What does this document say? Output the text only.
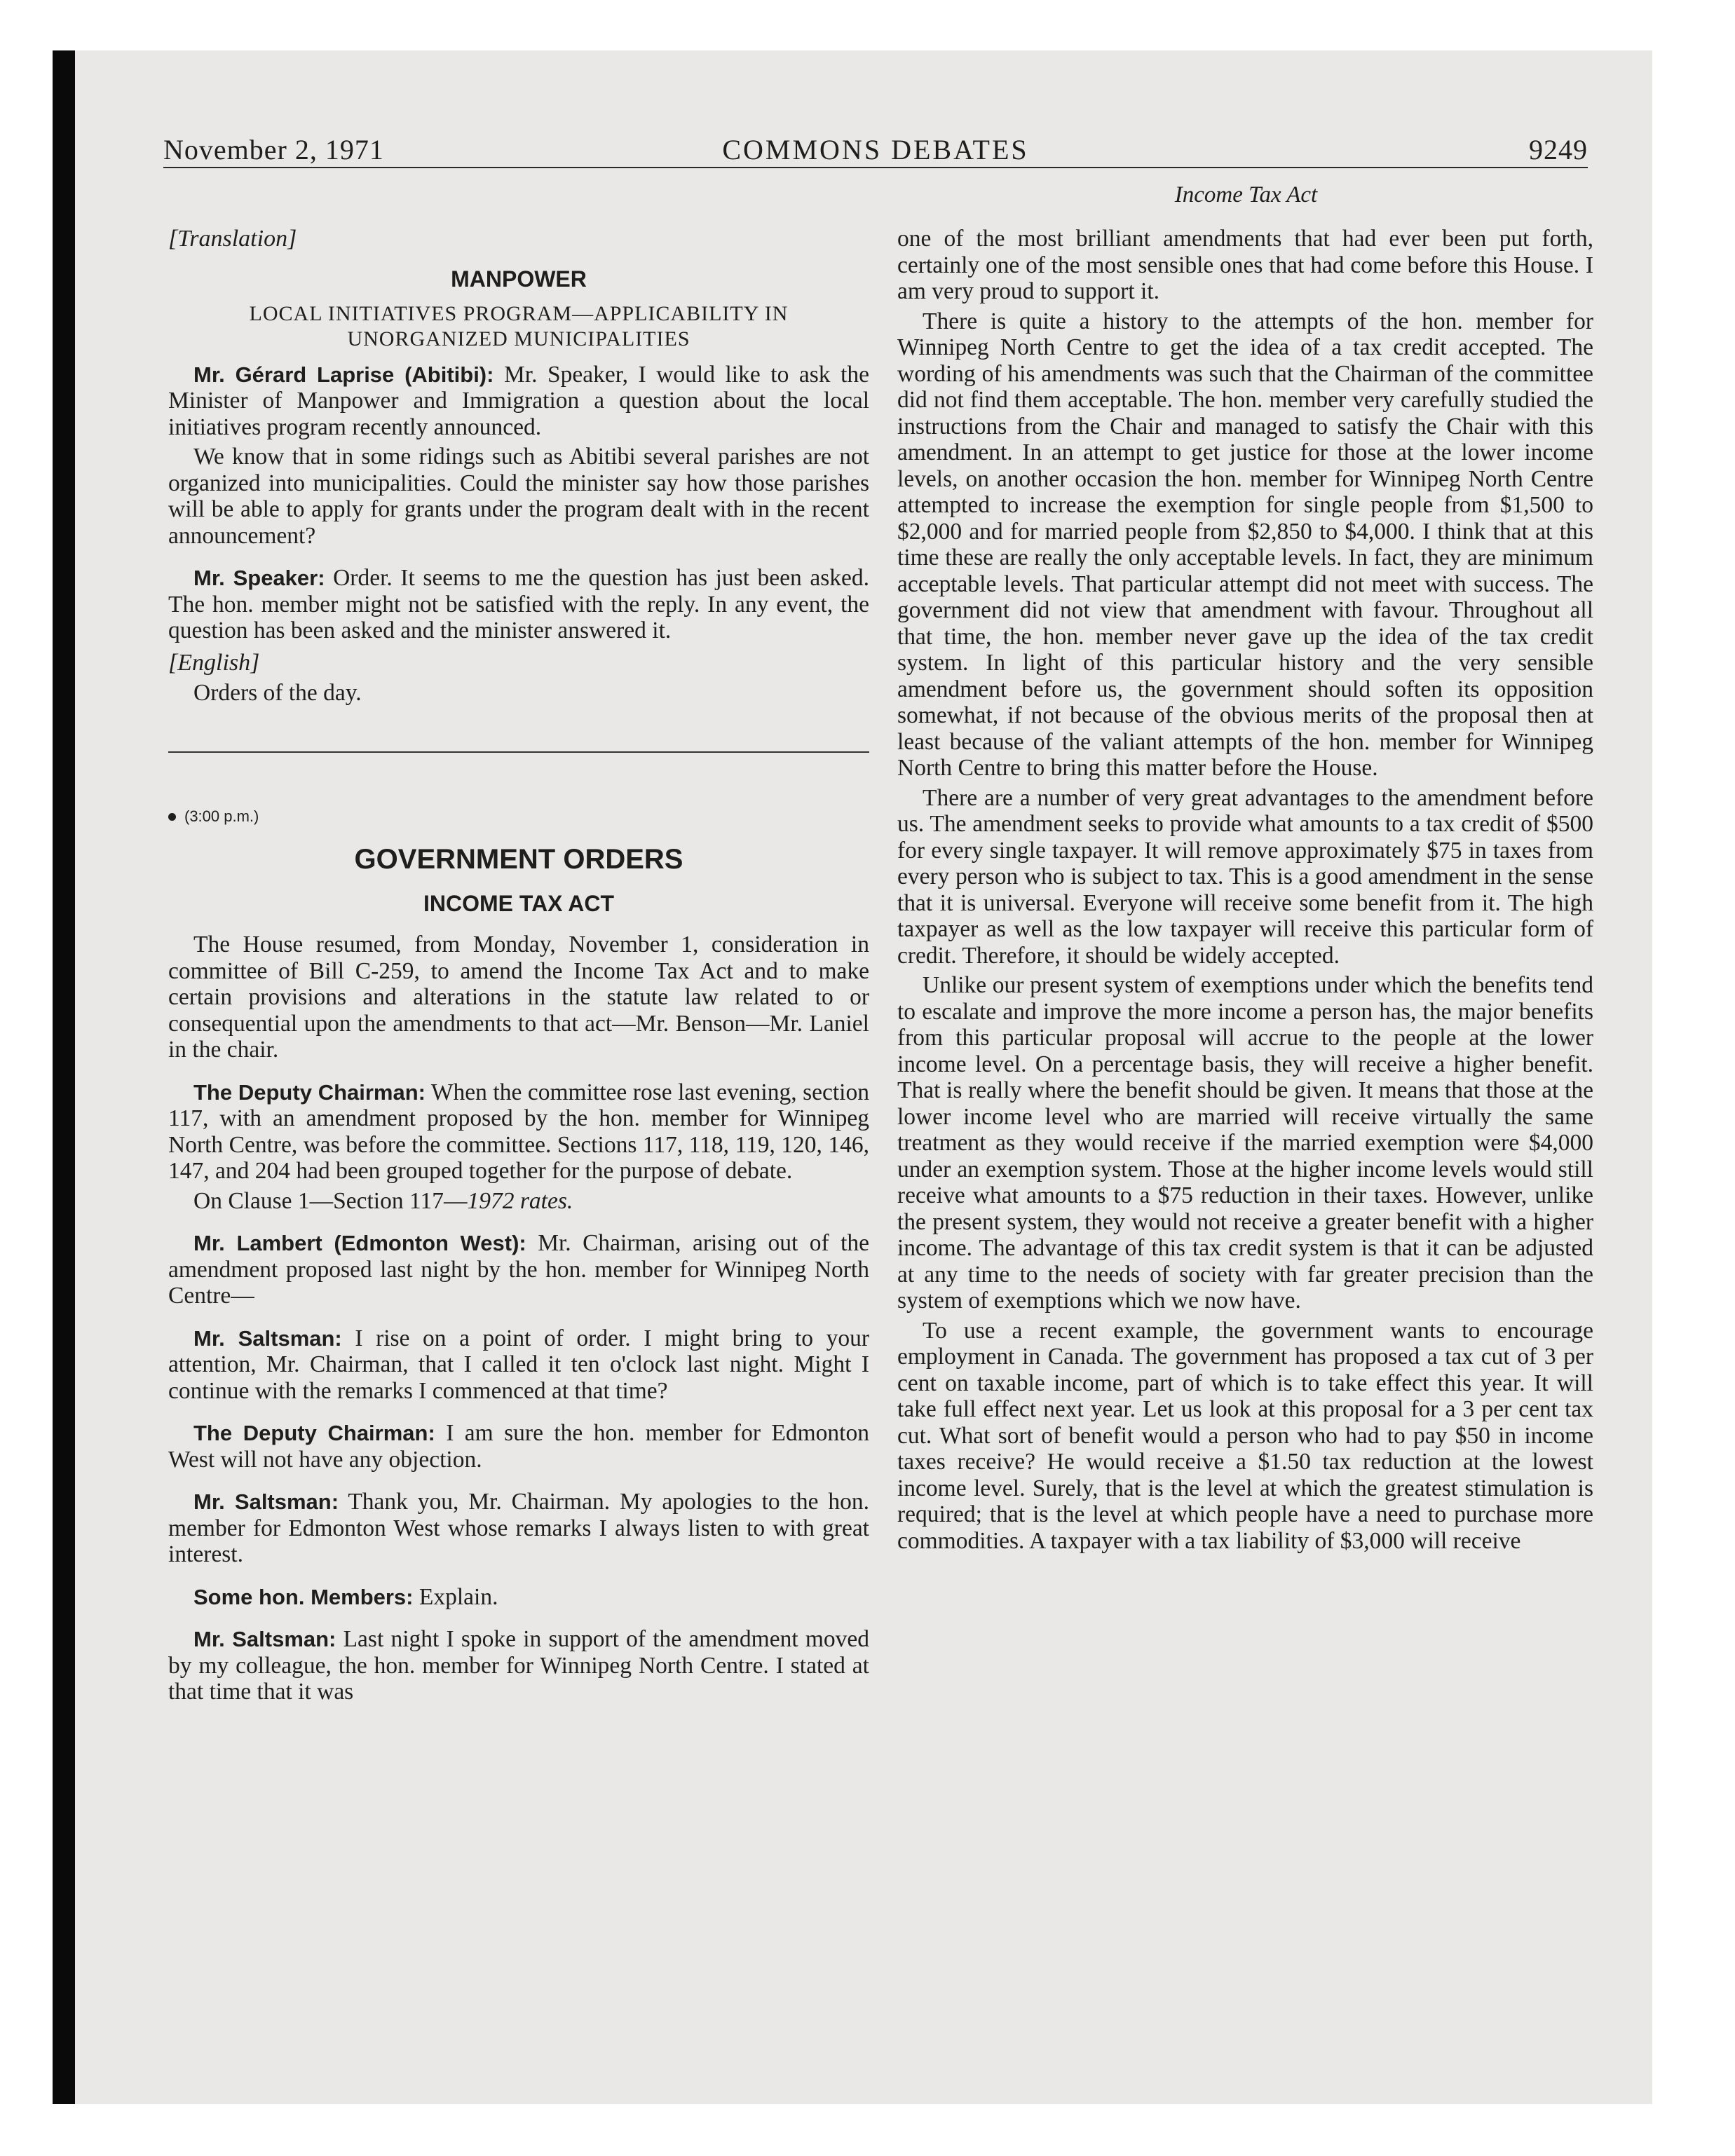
November 2, 1971	COMMONS DEBATES	9249
Income Tax Act
[Translation]
MANPOWER
LOCAL INITIATIVES PROGRAM—APPLICABILITY IN
UNORGANIZED MUNICIPALITIES

Mr. Gérard Laprise (Abitibi): Mr. Speaker, I would like to ask the Minister of Manpower and Immigration a question about the local initiatives program recently announced.

We know that in some ridings such as Abitibi several parishes are not organized into municipalities. Could the minister say how those parishes will be able to apply for grants under the program dealt with in the recent announcement?

Mr. Speaker: Order. It seems to me the question has just been asked. The hon. member might not be satisfied with the reply. In any event, the question has been asked and the minister answered it.

[English]

Orders of the day.

(3:00 p.m.)
GOVERNMENT ORDERS
INCOME TAX ACT

The House resumed, from Monday, November 1, consideration in committee of Bill C-259, to amend the Income Tax Act and to make certain provisions and alterations in the statute law related to or consequential upon the amendments to that act—Mr. Benson—Mr. Laniel in the chair.

The Deputy Chairman: When the committee rose last evening, section 117, with an amendment proposed by the hon. member for Winnipeg North Centre, was before the committee. Sections 117, 118, 119, 120, 146, 147, and 204 had been grouped together for the purpose of debate.

On Clause 1—Section 117—1972 rates.

Mr. Lambert (Edmonton West): Mr. Chairman, arising out of the amendment proposed last night by the hon. member for Winnipeg North Centre—

Mr. Saltsman: I rise on a point of order. I might bring to your attention, Mr. Chairman, that I called it ten o'clock last night. Might I continue with the remarks I commenced at that time?

The Deputy Chairman: I am sure the hon. member for Edmonton West will not have any objection.

Mr. Saltsman: Thank you, Mr. Chairman. My apologies to the hon. member for Edmonton West whose remarks I always listen to with great interest.

Some hon. Members: Explain.

Mr. Saltsman: Last night I spoke in support of the amendment moved by my colleague, the hon. member for Winnipeg North Centre. I stated at that time that it was

one of the most brilliant amendments that had ever been put forth, certainly one of the most sensible ones that had come before this House. I am very proud to support it.

There is quite a history to the attempts of the hon. member for Winnipeg North Centre to get the idea of a tax credit accepted. The wording of his amendments was such that the Chairman of the committee did not find them acceptable. The hon. member very carefully studied the instructions from the Chair and managed to satisfy the Chair with this amendment. In an attempt to get justice for those at the lower income levels, on another occasion the hon. member for Winnipeg North Centre attempted to increase the exemption for single people from $1,500 to $2,000 and for married people from $2,850 to $4,000. I think that at this time these are really the only acceptable levels. In fact, they are minimum acceptable levels. That particular attempt did not meet with success. The government did not view that amendment with favour. Throughout all that time, the hon. member never gave up the idea of the tax credit system. In light of this particular history and the very sensible amendment before us, the government should soften its opposition somewhat, if not because of the obvious merits of the proposal then at least because of the valiant attempts of the hon. member for Winnipeg North Centre to bring this matter before the House.

There are a number of very great advantages to the amendment before us. The amendment seeks to provide what amounts to a tax credit of $500 for every single taxpayer. It will remove approximately $75 in taxes from every person who is subject to tax. This is a good amendment in the sense that it is universal. Everyone will receive some benefit from it. The high taxpayer as well as the low taxpayer will receive this particular form of credit. Therefore, it should be widely accepted.

Unlike our present system of exemptions under which the benefits tend to escalate and improve the more income a person has, the major benefits from this particular proposal will accrue to the people at the lower income level. On a percentage basis, they will receive a higher benefit. That is really where the benefit should be given. It means that those at the lower income level who are married will receive virtually the same treatment as they would receive if the married exemption were $4,000 under an exemption system. Those at the higher income levels would still receive what amounts to a $75 reduction in their taxes. However, unlike the present system, they would not receive a greater benefit with a higher income. The advantage of this tax credit system is that it can be adjusted at any time to the needs of society with far greater precision than the system of exemptions which we now have.

To use a recent example, the government wants to encourage employment in Canada. The government has proposed a tax cut of 3 per cent on taxable income, part of which is to take effect this year. It will take full effect next year. Let us look at this proposal for a 3 per cent tax cut. What sort of benefit would a person who had to pay $50 in income taxes receive? He would receive a $1.50 tax reduction at the lowest income level. Surely, that is the level at which the greatest stimulation is required; that is the level at which people have a need to purchase more commodities. A taxpayer with a tax liability of $3,000 will receive
